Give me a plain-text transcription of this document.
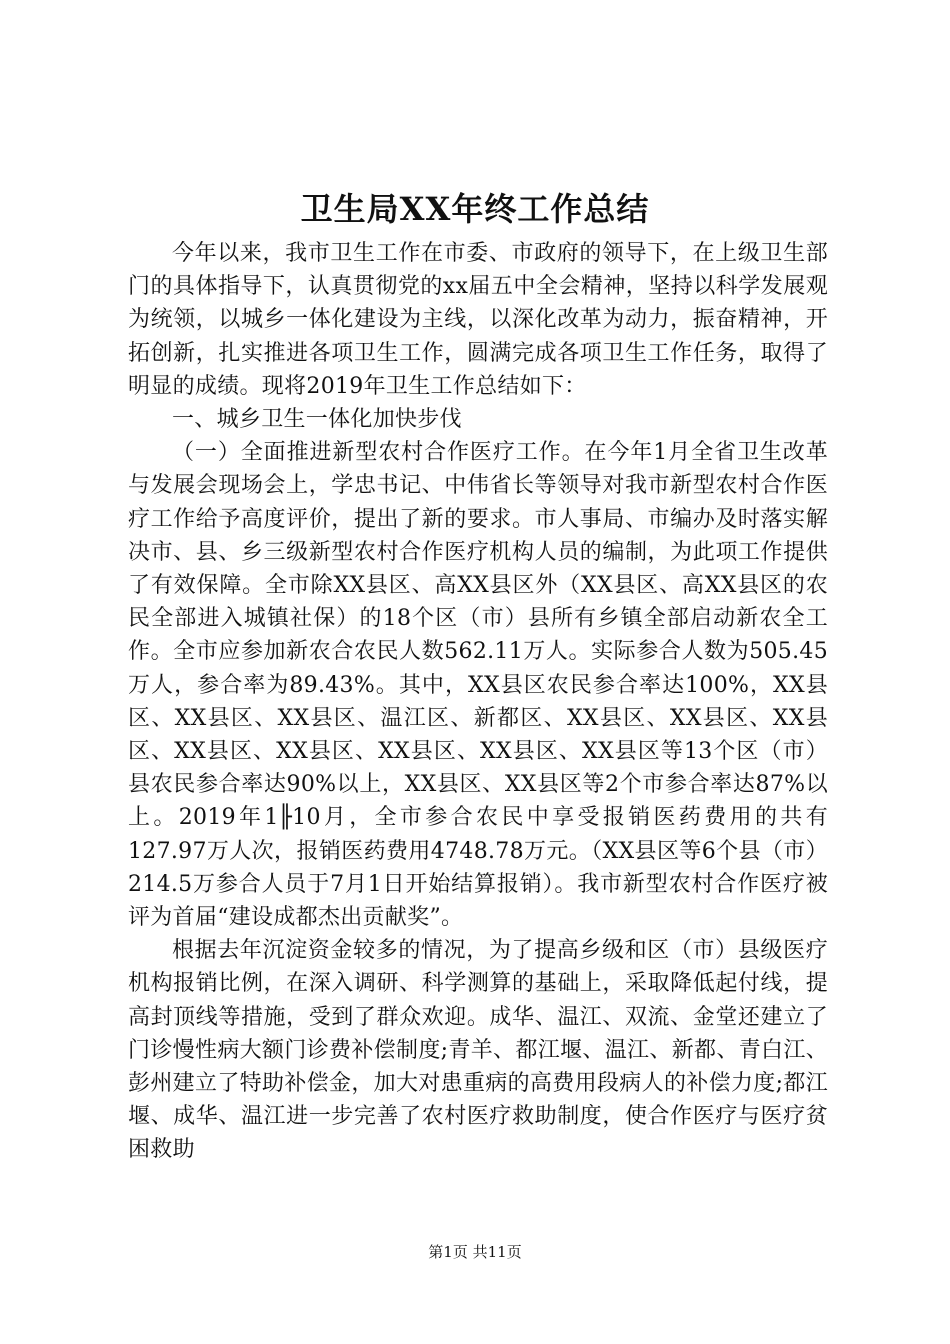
卫生局XX年终工作总结

今年以来，我市卫生工作在市委、市政府的领导下，在上级卫生部门的具体指导下，认真贯彻党的xx届五中全会精神，坚持以科学发展观为统领，以城乡一体化建设为主线，以深化改革为动力，振奋精神，开拓创新，扎实推进各项卫生工作，圆满完成各项卫生工作任务，取得了明显的成绩。现将2019年卫生工作总结如下：

一、城乡卫生一体化加快步伐

（一）全面推进新型农村合作医疗工作。在今年1月全省卫生改革与发展会现场会上，学忠书记、中伟省长等领导对我市新型农村合作医疗工作给予高度评价，提出了新的要求。市人事局、市编办及时落实解决市、县、乡三级新型农村合作医疗机构人员的编制，为此项工作提供了有效保障。全市除XX县区、高XX县区外（XX县区、高XX县区的农民全部进入城镇社保）的18个区（市）县所有乡镇全部启动新农全工作。全市应参加新农合农民人数562.11万人。实际参合人数为505.45万人，参合率为89.43%。其中，XX县区农民参合率达100%，XX县区、XX县区、XX县区、温江区、新都区、XX县区、XX县区、XX县区、XX县区、XX县区、XX县区、XX县区、XX县区等13个区（市）县农民参合率达90%以上，XX县区、XX县区等2个市参合率达87%以上。2019年1╟10月，全市参合农民中享受报销医药费用的共有127.97万人次，报销医药费用4748.78万元。（XX县区等6个县（市）214.5万参合人员于7月1日开始结算报销）。我市新型农村合作医疗被评为首届“建设成都杰出贡献奖”。

根据去年沉淀资金较多的情况，为了提高乡级和区（市）县级医疗机构报销比例，在深入调研、科学测算的基础上，采取降低起付线，提高封顶线等措施，受到了群众欢迎。成华、温江、双流、金堂还建立了门诊慢性病大额门诊费补偿制度;青羊、都江堰、温江、新都、青白江、彭州建立了特助补偿金，加大对患重病的高费用段病人的补偿力度;都江堰、成华、温江进一步完善了农村医疗救助制度，使合作医疗与医疗贫困救助

第1页 共11页
